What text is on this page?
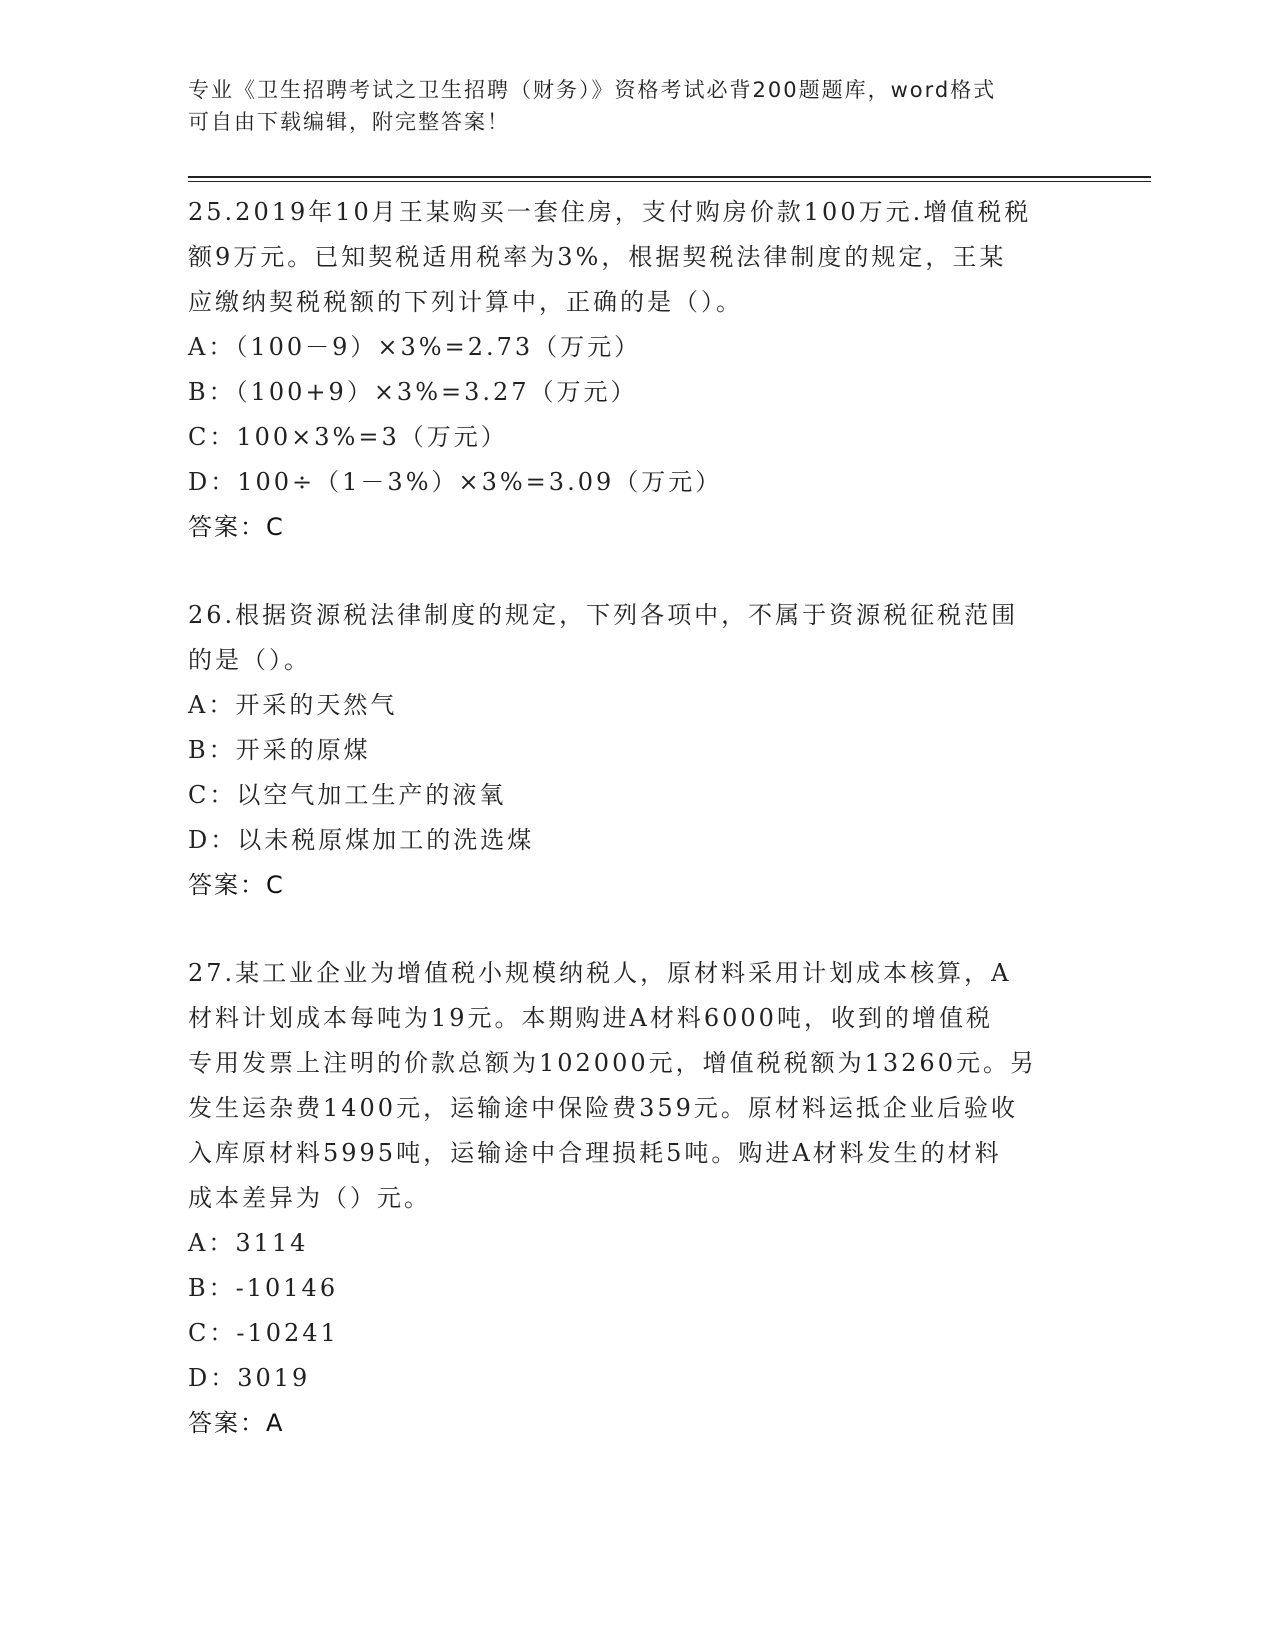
专业《卫生招聘考试之卫生招聘（财务）》资格考试必背200题题库，word格式
可自由下载编辑，附完整答案！

25.2019年10月王某购买一套住房，支付购房价款100万元.增值税税

额9万元。已知契税适用税率为3%，根据契税法律制度的规定，王某

应缴纳契税税额的下列计算中，正确的是（）。

A：（100－9）×3%=2.73（万元）

B：（100+9）×3%=3.27（万元）

C：100×3%=3（万元）

D：100÷（1－3%）×3%=3.09（万元）

答案：C

26.根据资源税法律制度的规定，下列各项中，不属于资源税征税范围

的是（）。

A：开采的天然气

B：开采的原煤

C：以空气加工生产的液氧

D：以未税原煤加工的洗选煤

答案：C

27.某工业企业为增值税小规模纳税人，原材料采用计划成本核算，A

材料计划成本每吨为19元。本期购进A材料6000吨，收到的增值税

专用发票上注明的价款总额为102000元，增值税税额为13260元。另

发生运杂费1400元，运输途中保险费359元。原材料运抵企业后验收

入库原材料5995吨，运输途中合理损耗5吨。购进A材料发生的材料

成本差异为（）元。

A：3114

B：-10146

C：-10241

D：3019

答案：A
